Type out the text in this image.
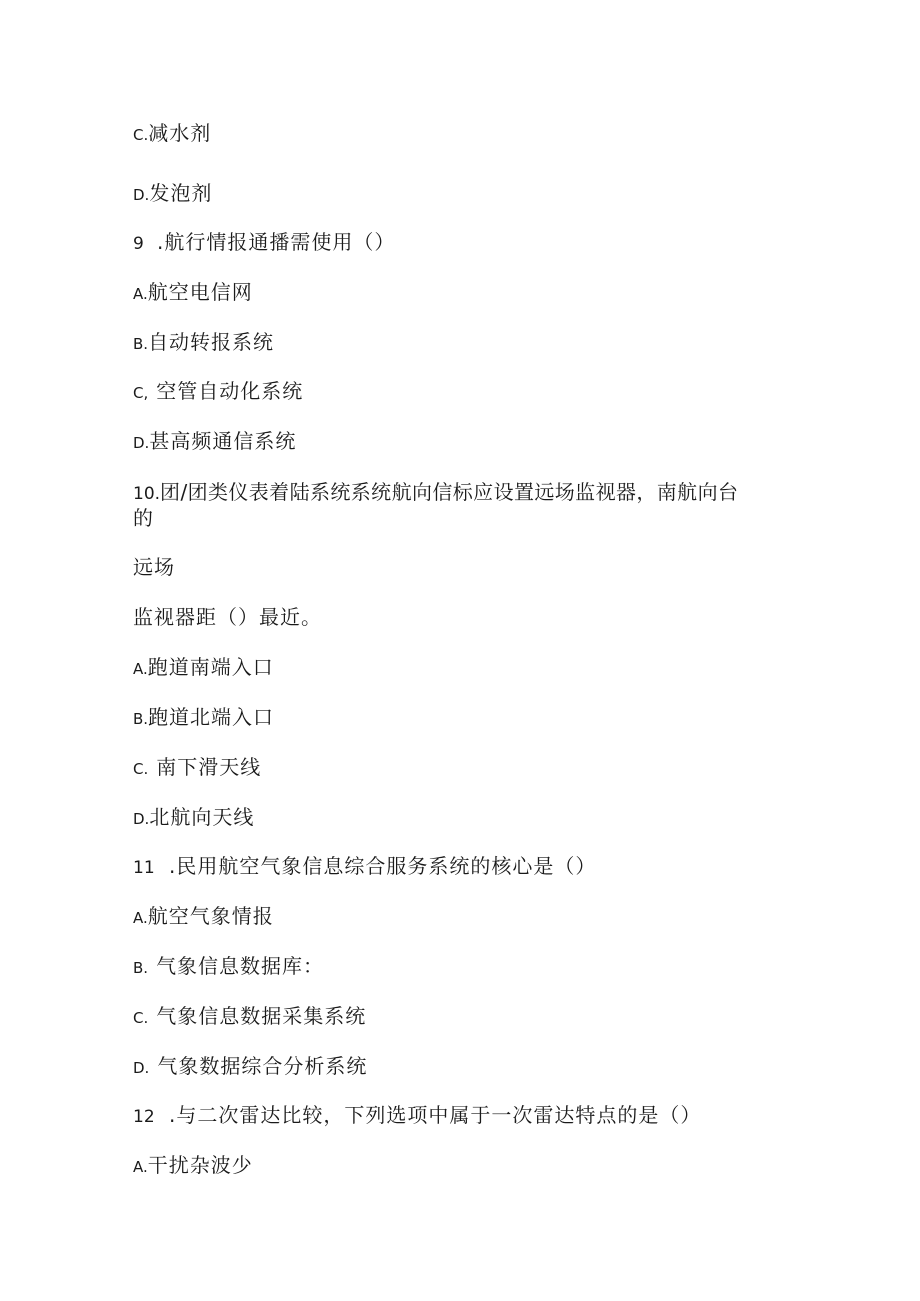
C.减水剂
D.发泡剂
9 .航行情报通播需使用（）
A.航空电信网
B.自动转报系统
C, 空管自动化系统
D.甚高频通信系统
10.团/团类仪表着陆系统系统航向信标应设置远场监视器，南航向台
的
远场
监视器距（）最近。
A.跑道南端入口
B.跑道北端入口
C. 南下滑天线
D.北航向天线
11 .民用航空气象信息综合服务系统的核心是（）
A.航空气象情报
B. 气象信息数据库：
C. 气象信息数据采集系统
D. 气象数据综合分析系统
12 .与二次雷达比较，下列选项中属于一次雷达特点的是（）
A.干扰杂波少
